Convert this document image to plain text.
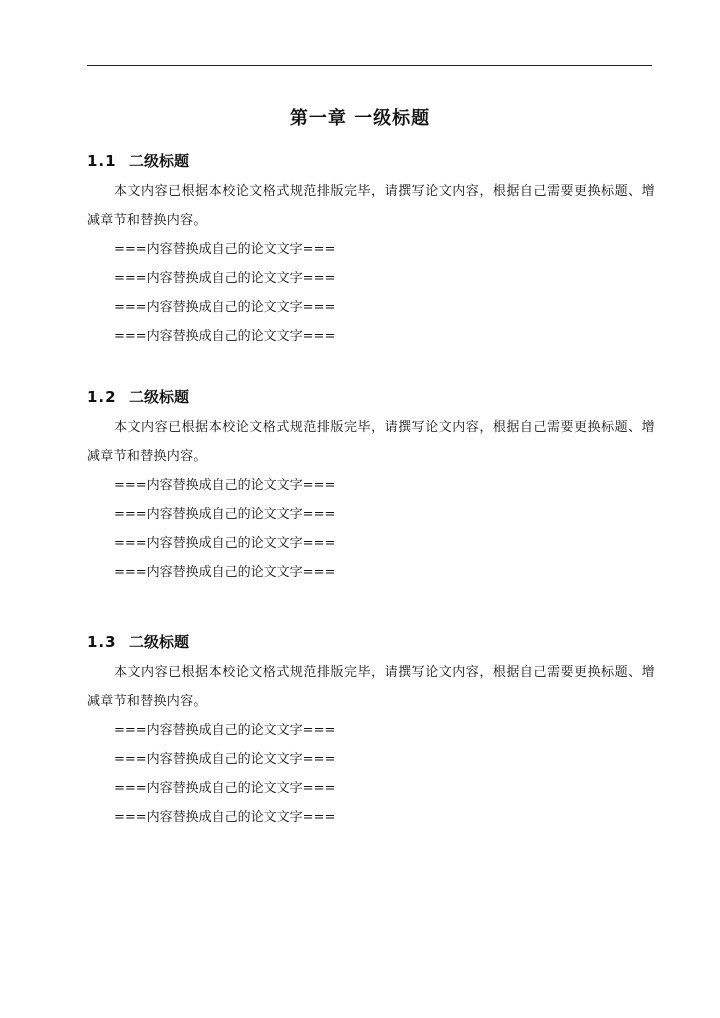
第一章 一级标题
1.1 二级标题

本文内容已根据本校论文格式规范排版完毕，请撰写论文内容，根据自己需要更换标题、增减章节和替换内容。

===内容替换成自己的论文文字===

===内容替换成自己的论文文字===

===内容替换成自己的论文文字===

===内容替换成自己的论文文字===

1.2 二级标题

本文内容已根据本校论文格式规范排版完毕，请撰写论文内容，根据自己需要更换标题、增减章节和替换内容。

===内容替换成自己的论文文字===

===内容替换成自己的论文文字===

===内容替换成自己的论文文字===

===内容替换成自己的论文文字===

1.3 二级标题

本文内容已根据本校论文格式规范排版完毕，请撰写论文内容，根据自己需要更换标题、增减章节和替换内容。

===内容替换成自己的论文文字===

===内容替换成自己的论文文字===

===内容替换成自己的论文文字===

===内容替换成自己的论文文字===
